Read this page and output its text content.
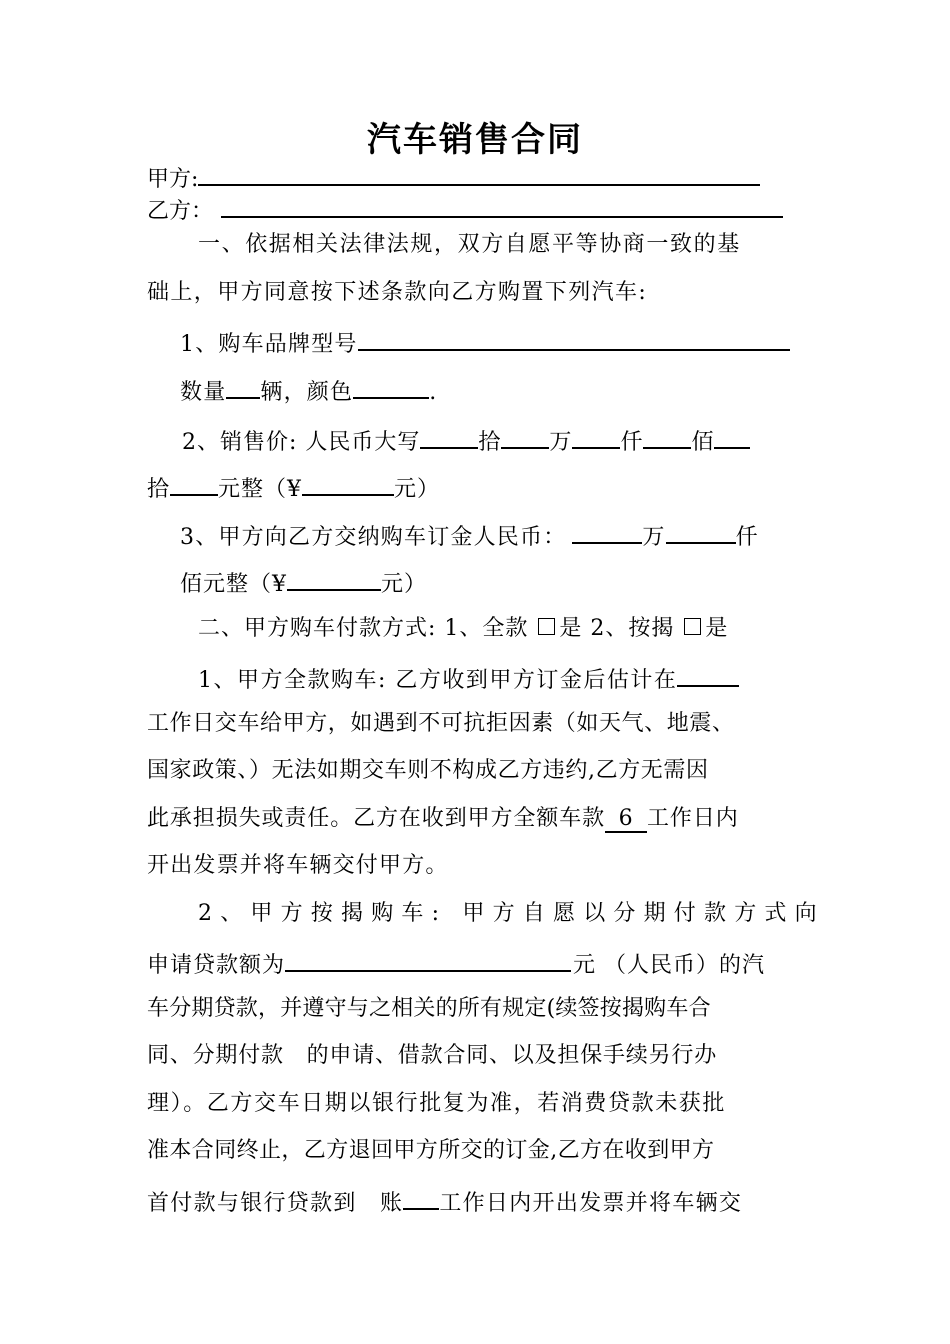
汽车销售合同
甲方:
乙方：
一、依据相关法律法规，双方自愿平等协商一致的基
础上，甲方同意按下述条款向乙方购置下列汽车:
1、购车品牌型号
数量 辆，颜色	.
2、销售价: 人民币大写	拾 万 仟 佰
拾 元整（¥	元）
3、甲方向乙方交纳购车订金人民币：	万	仟
佰元整（¥	元）
二、甲方购车付款方式: 1、全款 是 2、按揭 是
1、甲方全款购车: 乙方收到甲方订金后估计在
工作日交车给甲方，如遇到不可抗拒因素（如天气、地震、
国家政策、）无法如期交车则不构成乙方违约,乙方无需因
此承担损失或责任。乙方在收到甲方全额车款 6 工作日内
开出发票并将车辆交付甲方。
2、甲方按揭购车: 甲方自愿以分期付款方式向
申请贷款额为	元 （人民币）的汽
车分期贷款，并遵守与之相关的所有规定(续签按揭购车合
同、分期付款　的申请、借款合同、以及担保手续另行办
理）。乙方交车日期以银行批复为准，若消费贷款未获批
准本合同终止，乙方退回甲方所交的订金,乙方在收到甲方
首付款与银行贷款到　账 工作日内开出发票并将车辆交
